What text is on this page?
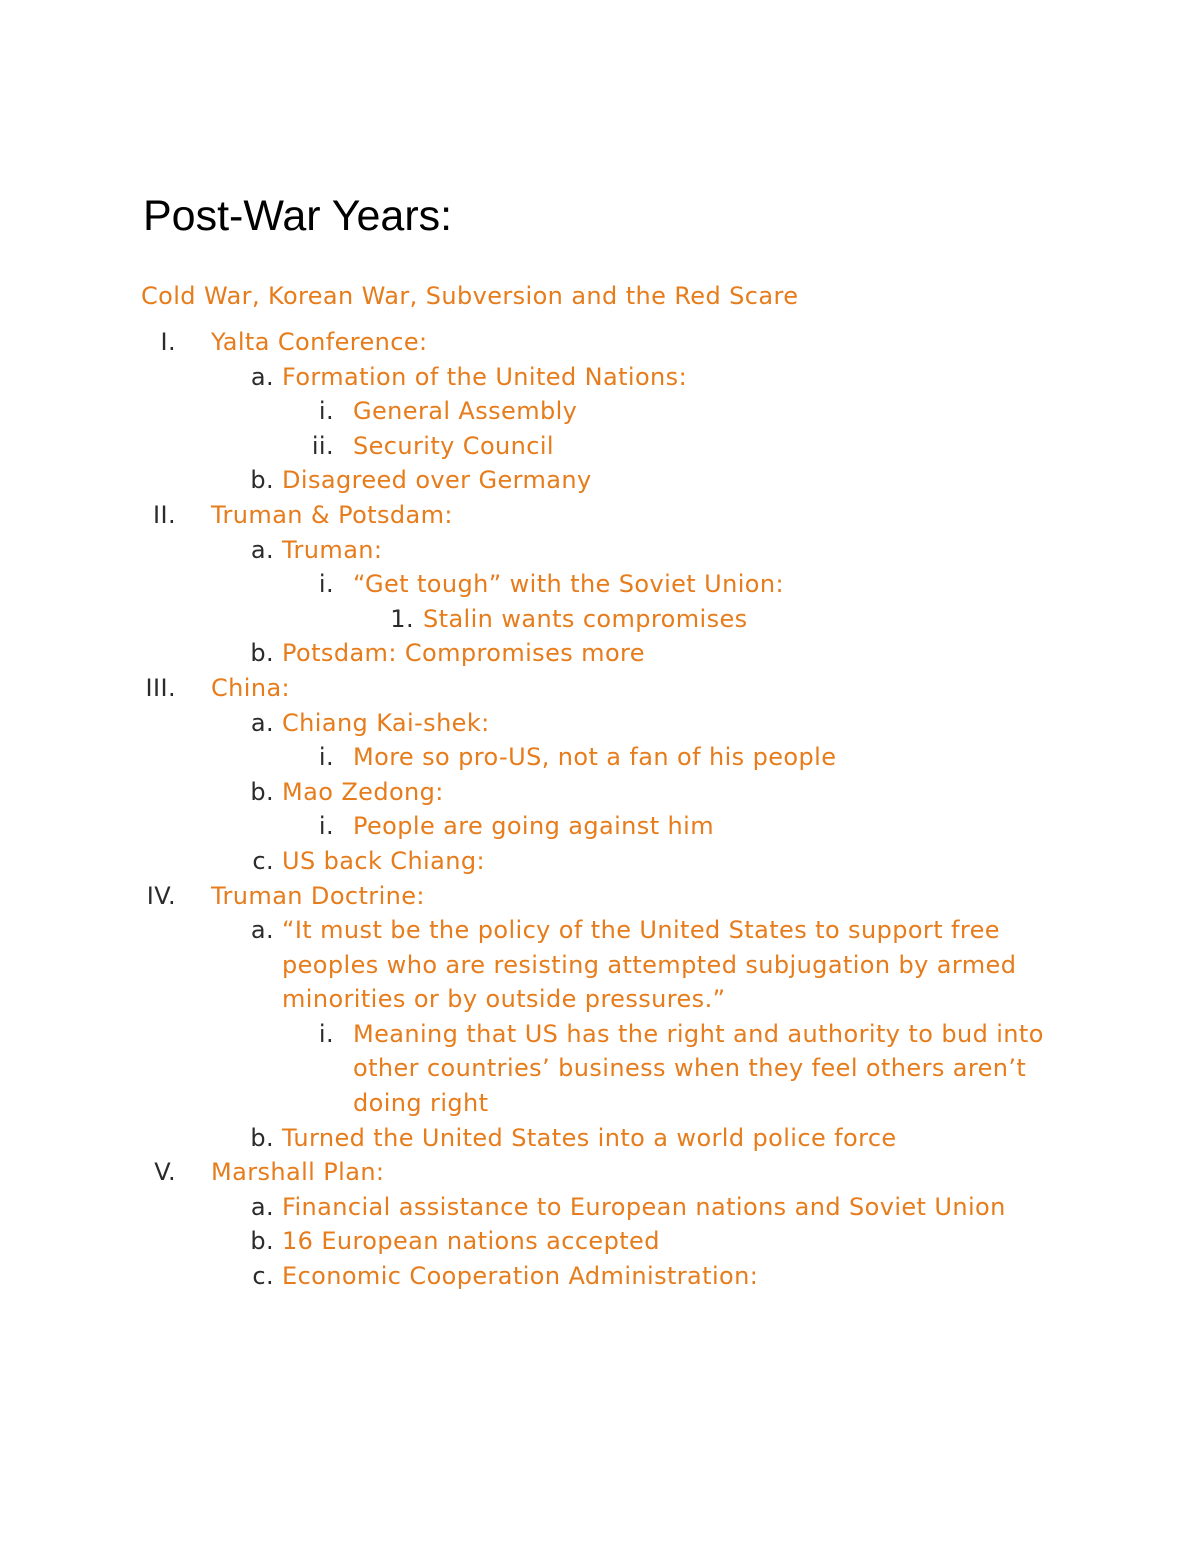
Post-War Years:
Cold War, Korean War, Subversion and the Red Scare
I. Yalta Conference:
a. Formation of the United Nations:
i. General Assembly
ii. Security Council
b. Disagreed over Germany
II. Truman & Potsdam:
a. Truman:
i. “Get tough” with the Soviet Union:
1. Stalin wants compromises
b. Potsdam: Compromises more
III. China:
a. Chiang Kai-shek:
i. More so pro-US, not a fan of his people
b. Mao Zedong:
i. People are going against him
c. US back Chiang:
IV. Truman Doctrine:
a. “It must be the policy of the United States to support free peoples who are resisting attempted subjugation by armed minorities or by outside pressures.”
i. Meaning that US has the right and authority to bud into other countries’ business when they feel others aren’t doing right
b. Turned the United States into a world police force
V. Marshall Plan:
a. Financial assistance to European nations and Soviet Union
b. 16 European nations accepted
c. Economic Cooperation Administration:
